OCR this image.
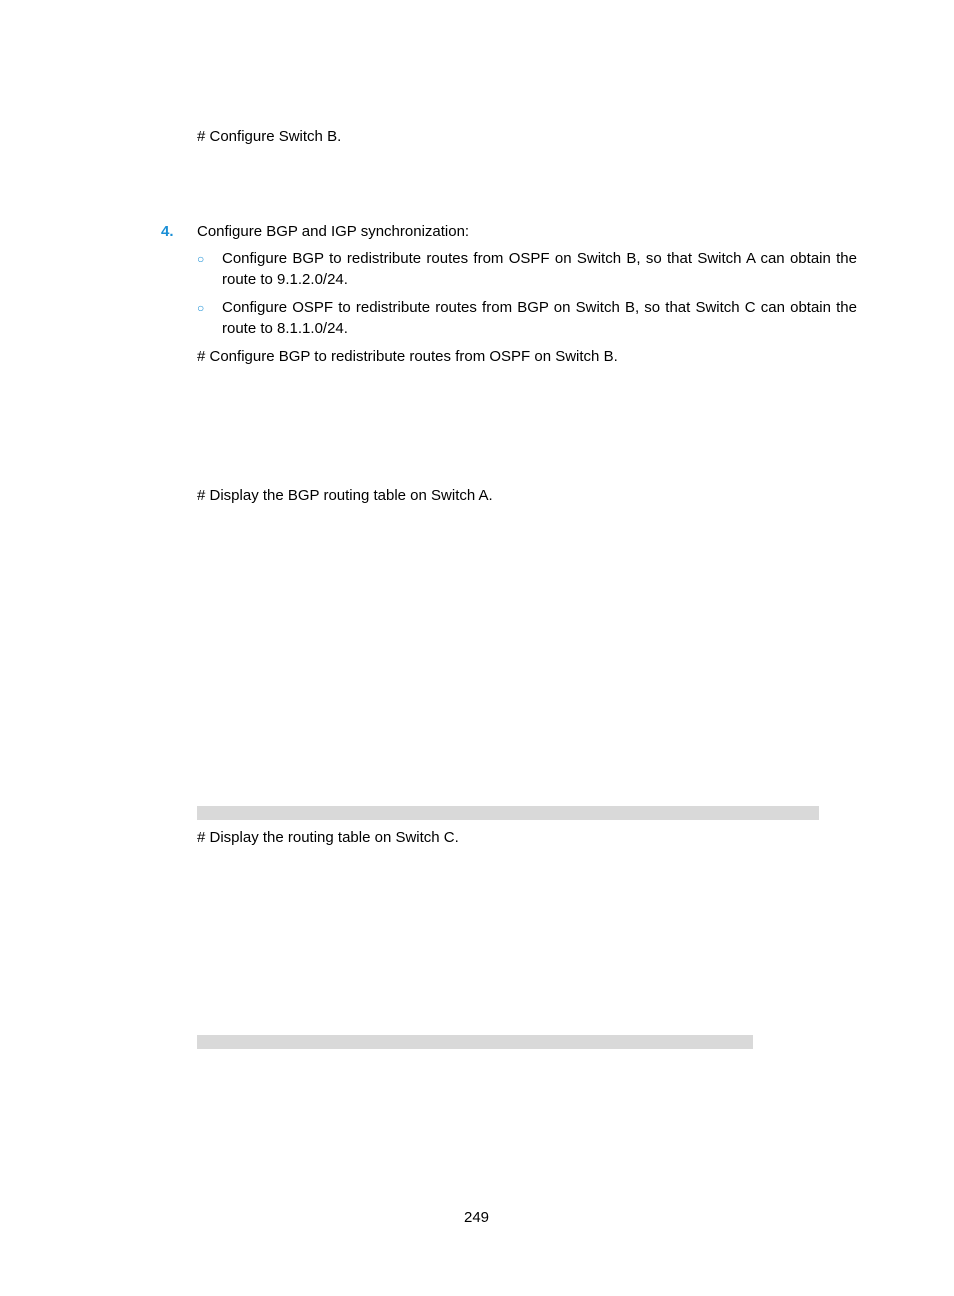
# Configure Switch B.
4. Configure BGP and IGP synchronization:
○ Configure BGP to redistribute routes from OSPF on Switch B, so that Switch A can obtain the route to 9.1.2.0/24.
○ Configure OSPF to redistribute routes from BGP on Switch B, so that Switch C can obtain the route to 8.1.1.0/24.
# Configure BGP to redistribute routes from OSPF on Switch B.
# Display the BGP routing table on Switch A.
# Display the routing table on Switch C.
249
